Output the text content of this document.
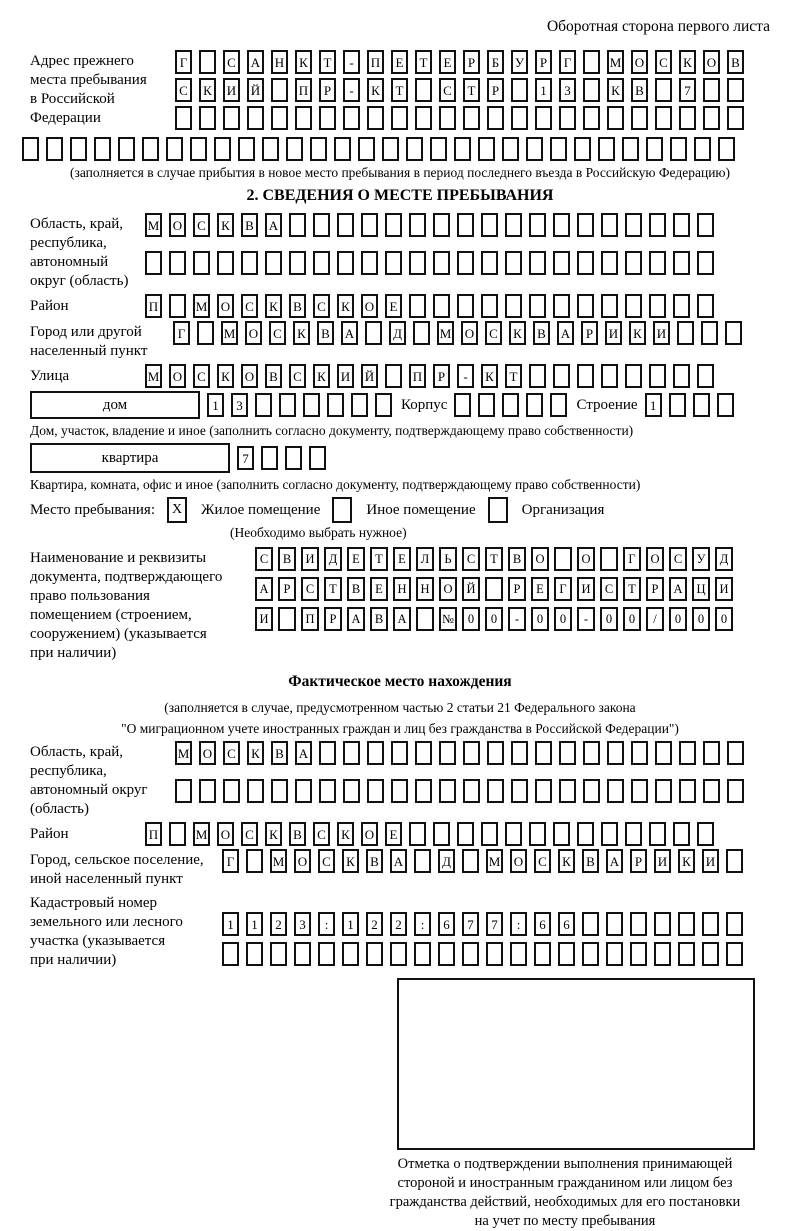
Оборотная сторона первого листа
Адрес прежнего
места пребывания
в Российской
Федерации
Г	С	А Н	К	Т	-	П	Е	Т	Е	Р	Б	У	Р	Г	М О	С	К	О	В
С	К	И Й	П	Р	-	К	Т	С	Т	Р	1	3	К	В	7
(заполняется в случае прибытия в новое место пребывания в период последнего въезда в Российскую Федерацию)
2. СВЕДЕНИЯ О МЕСТЕ ПРЕБЫВАНИЯ
Область, край,
республика,
автономный
округ (область)
М О	С	К	В	А
Район	П	М О	С	К	В	С	К	О	Е
Город или другой
населенный пункт
Г	М О	С	К	В	А	Д	М О	С	К	В	А	Р	И	К	И
Улица	М О	С	К	О	В	С	К	И Й	П	Р	-	К	Т
дом	1	3	Корпус	Строение 1
Дом, участок, владение и иное (заполнить согласно документу, подтверждающему право собственности)
квартира	7
Квартира, комната, офис и иное (заполнить согласно документу, подтверждающему право собственности)
Место пребывания:	X	Жилое помещение	Иное помещение	Организация
(Необходимо выбрать нужное)
Наименование и реквизиты
документа, подтверждающего
право пользования
помещением (строением,
сооружением) (указывается
при наличии)
С	В	И	Д	Е	Т	Е	Л	Ь	С	Т	В	О	О	Г	О	С	У	Д
А	Р	С	Т	В	Е	Н	Н	О	Й	Р	Е	Г	И	С	Т	Р	А	Ц	И
И	П	Р	А	В	А	№	0	0	-	0	0	-	0	0	/	0	0	0
Фактическое место нахождения
(заполняется в случае, предусмотренном частью 2 статьи 21 Федерального закона
"О миграционном учете иностранных граждан и лиц без гражданства в Российской Федерации")
Область, край,
республика,
автономный округ
(область)
М О	С	К	В	А
Район	П	М О	С	К	В	С	К	О	Е
Город, сельское поселение,
иной населенный пункт
Г	М О	С	К	В	А	Д	М О	С	К	В	А	Р	И	К	И
Кадастровый номер
земельного или лесного
участка (указывается
при наличии)
1	1	2	3	:	1	2	2	:	6	7	7	:	6	6
Отметка о подтверждении выполнения принимающей
стороной и иностранным гражданином или лицом без
гражданства действий, необходимых для его постановки
на учет по месту пребывания
